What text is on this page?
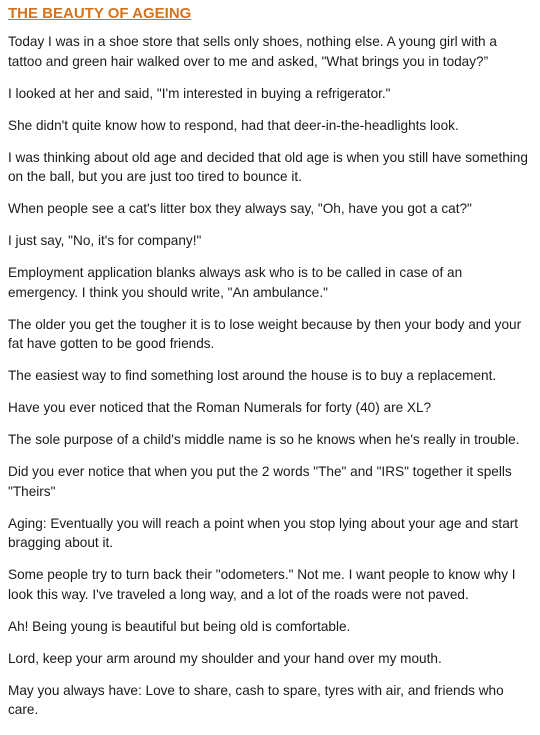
THE BEAUTY OF AGEING

Today I was in a shoe store that sells only shoes, nothing else. A young girl with a tattoo and green hair walked over to me and asked, "What brings you in today?”

I looked at her and said, "I'm interested in buying a refrigerator."

She didn't quite know how to respond, had that deer-in-the-headlights look.

I was thinking about old age and decided that old age is when you still have something on the ball, but you are just too tired to bounce it.

When people see a cat's litter box they always say, "Oh, have you got a cat?"

I just say, "No, it's for company!"

Employment application blanks always ask who is to be called in case of an emergency. I think you should write, "An ambulance."

The older you get the tougher it is to lose weight because by then your body and your fat have gotten to be good friends.

The easiest way to find something lost around the house is to buy a replacement.

Have you ever noticed that the Roman Numerals for forty (40) are XL?

The sole purpose of a child's middle name is so he knows when he's really in trouble.

Did you ever notice that when you put the 2 words "The" and "IRS" together it spells "Theirs"

Aging: Eventually you will reach a point when you stop lying about your age and start bragging about it.

Some people try to turn back their "odometers." Not me. I want people to know why I look this way. I've traveled a long way, and a lot of the roads were not paved.

Ah! Being young is beautiful but being old is comfortable.

Lord, keep your arm around my shoulder and your hand over my mouth.

May you always have: Love to share, cash to spare, tyres with air, and friends who care.
